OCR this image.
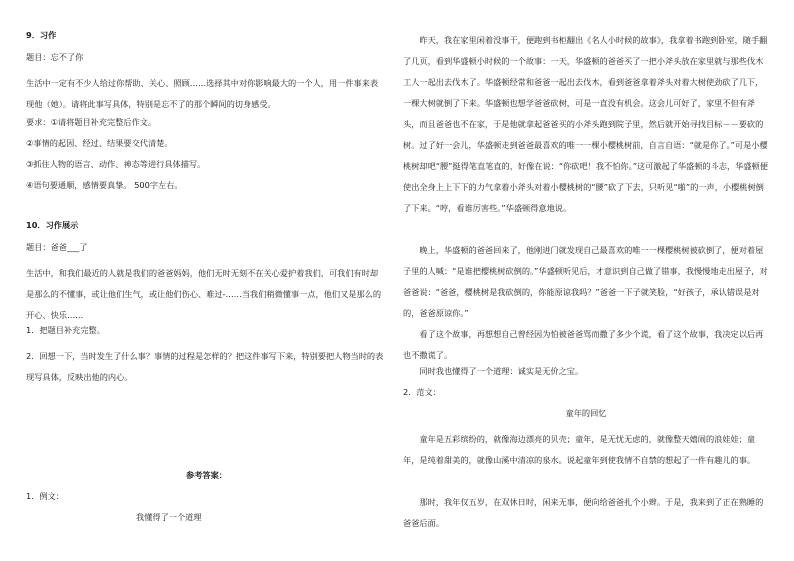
9．习作

题目：忘不了你

生活中一定有不少人给过你帮助、关心、照顾……选择其中对你影响最大的一个人，用一件事来表现他（她）。请将此事写具体，特别是忘不了的那个瞬间的切身感受。

要求：①请将题目补充完整后作文。

②事情的起因、经过、结果要交代清楚。

③抓住人物的语言、动作、神态等进行具体描写。

④语句要通顺，感情要真挚。 500字左右。

10．习作展示

题目：爸爸___了

生活中，和我们最近的人就是我们的爸爸妈妈，他们无时无刻不在关心爱护着我们，可我们有时却是那么的不懂事，或让他们生气，或让他们伤心、难过-……当我们稍微懂事一点，他们又是那么的开心、快乐……

1．把题目补充完整。

2．回想一下，当时发生了什么事？事情的过程是怎样的？把这件事写下来，特别要把人物当时的表现写具体，反映出他的内心。

参考答案：

1．例文：

我懂得了一个道理

昨天，我在家里闲着没事干，便跑到书柜翻出《名人小时候的故事》，我拿着书跑到卧室，随手翻了几页，看到华盛顿小时候的一个故事：一天，华盛顿的爸爸买了一把小斧头放在家里就与那些伐木工人一起出去伐木了。华盛顿经常和爸爸一起出去伐木，看到爸爸拿着斧头对着大树使劲砍了几下，一棵大树就倒了下来。华盛顿也想学爸爸砍树，可是一直没有机会。这会儿可好了，家里不但有斧头，而且爸爸也不在家，于是他就拿起爸爸买的小斧头跑到院子里，然后就开始寻找目标－－要砍的树。过了好一会儿，华盛顿走到爸爸最喜欢的唯一一棵小樱桃树前，自言自语：“就是你了。”可是小樱桃树却吧“腰”挺得笔直笔直的，好像在说：“你砍吧！我不怕你。”这可激起了华盛顿的斗志，华盛顿便使出全身上上下下的力气拿着小斧头对着小樱桃树的“腰”砍了下去，只听见“啪”的一声，小樱桃树倒了下来。“哼，看谁厉害些。”华盛顿得意地说。

晚上，华盛顿的爸爸回来了，他刚进门就发现自己最喜欢的唯一一棵樱桃树被砍倒了，便对着屋子里的人喊：“是谁把樱桃树砍倒的。”华盛顿听见后，才意识到自己做了错事，我慢慢地走出屋子，对爸爸说：“爸爸，樱桃树是我砍倒的，你能原谅我吗？”爸爸一下子就笑脸，“好孩子，承认错误是对的，爸爸原谅你。”

看了这个故事，再想想自己曾经因为怕被爸爸骂而撒了多少个谎，看了这个故事，我决定以后再也不撒谎了。

同时我也懂得了一个道理：诚实是无价之宝。

2．范文：

童年的回忆

童年是五彩缤纷的，就像海边漂亮的贝壳；童年，是无忧无虑的，就像整天嬉闹的浪娃娃；童年，是纯着甜美的，就像山溪中清凉的泉水。说起童年到使我情不自禁的想起了一件有趣儿的事。

那时，我年仅五岁，在双休日时，闲来无事，便向给爸爸扎个小辫。于是，我来到了正在熟睡的爸爸后面。
